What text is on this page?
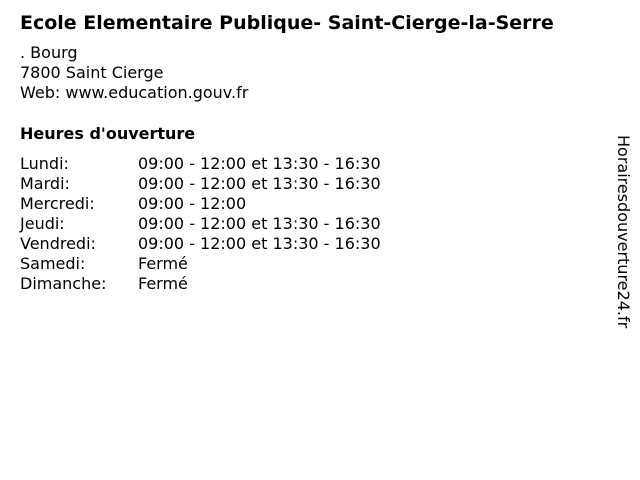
Ecole Elementaire Publique- Saint-Cierge-la-Serre
. Bourg
7800 Saint Cierge
Web: www.education.gouv.fr
Heures d'ouverture
Lundi:	09:00 - 12:00 et 13:30 - 16:30
Mardi:	09:00 - 12:00 et 13:30 - 16:30
Mercredi:	09:00 - 12:00
Jeudi:	09:00 - 12:00 et 13:30 - 16:30
Vendredi:	09:00 - 12:00 et 13:30 - 16:30
Samedi:	Fermé
Dimanche: Fermé	Horairesdouverture24.fr
